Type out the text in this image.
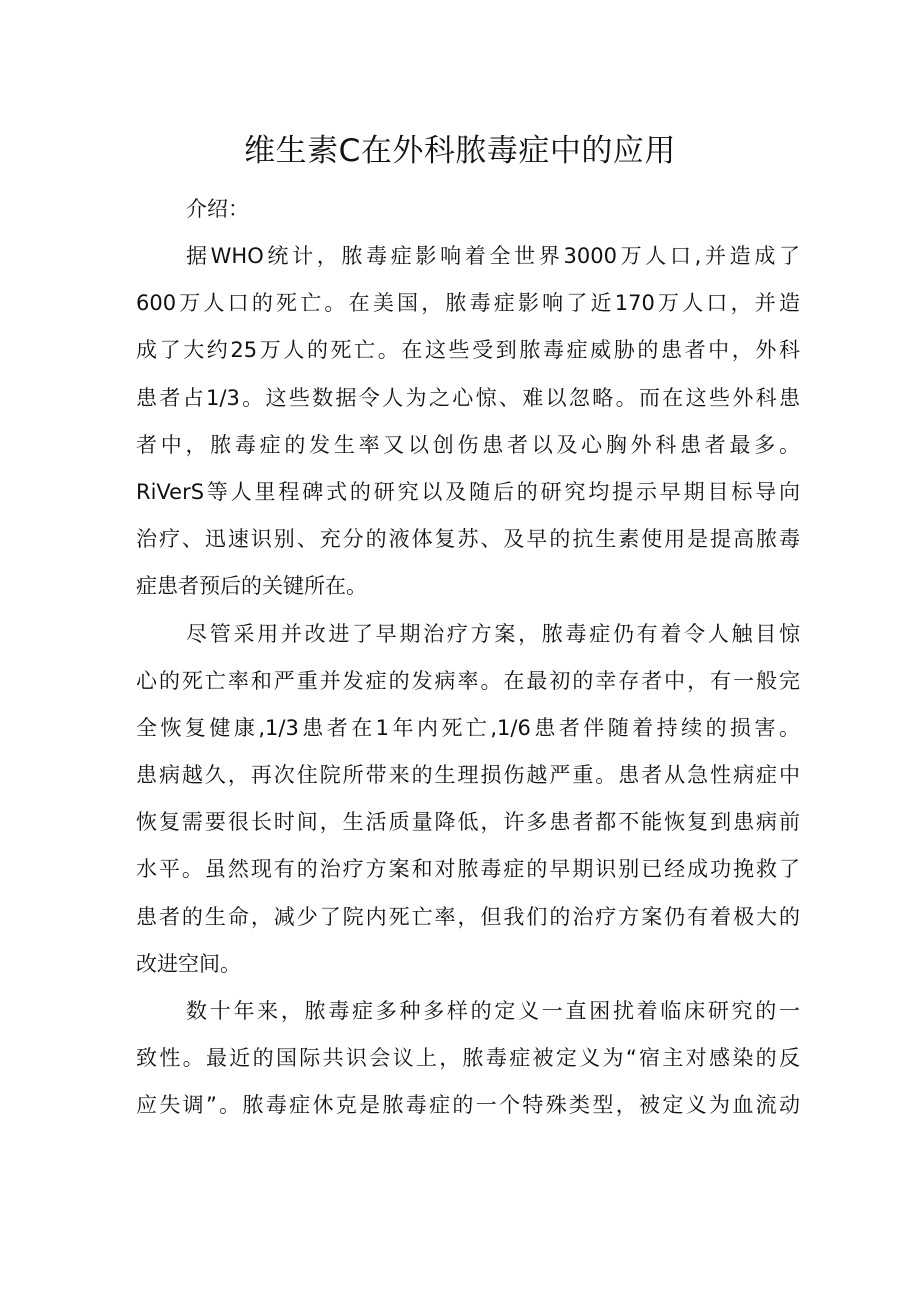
维生素C在外科脓毒症中的应用

介绍：

据WHO统计，脓毒症影响着全世界3000万人口,并造成了
600万人口的死亡。在美国，脓毒症影响了近170万人口，并造
成了大约25万人的死亡。在这些受到脓毒症威胁的患者中，外科
患者占1/3。这些数据令人为之心惊、难以忽略。而在这些外科患
者中，脓毒症的发生率又以创伤患者以及心胸外科患者最多。
RiVerS等人里程碑式的研究以及随后的研究均提示早期目标导向
治疗、迅速识别、充分的液体复苏、及早的抗生素使用是提高脓毒
症患者预后的关键所在。
尽管采用并改进了早期治疗方案，脓毒症仍有着令人触目惊
心的死亡率和严重并发症的发病率。在最初的幸存者中，有一般完
全恢复健康,1/3患者在1年内死亡,1/6患者伴随着持续的损害。
患病越久，再次住院所带来的生理损伤越严重。患者从急性病症中
恢复需要很长时间，生活质量降低，许多患者都不能恢复到患病前
水平。虽然现有的治疗方案和对脓毒症的早期识别已经成功挽救了
患者的生命，减少了院内死亡率，但我们的治疗方案仍有着极大的
改进空间。
数十年来，脓毒症多种多样的定义一直困扰着临床研究的一
致性。最近的国际共识会议上，脓毒症被定义为“宿主对感染的反
应失调”。脓毒症休克是脓毒症的一个特殊类型，被定义为血流动
